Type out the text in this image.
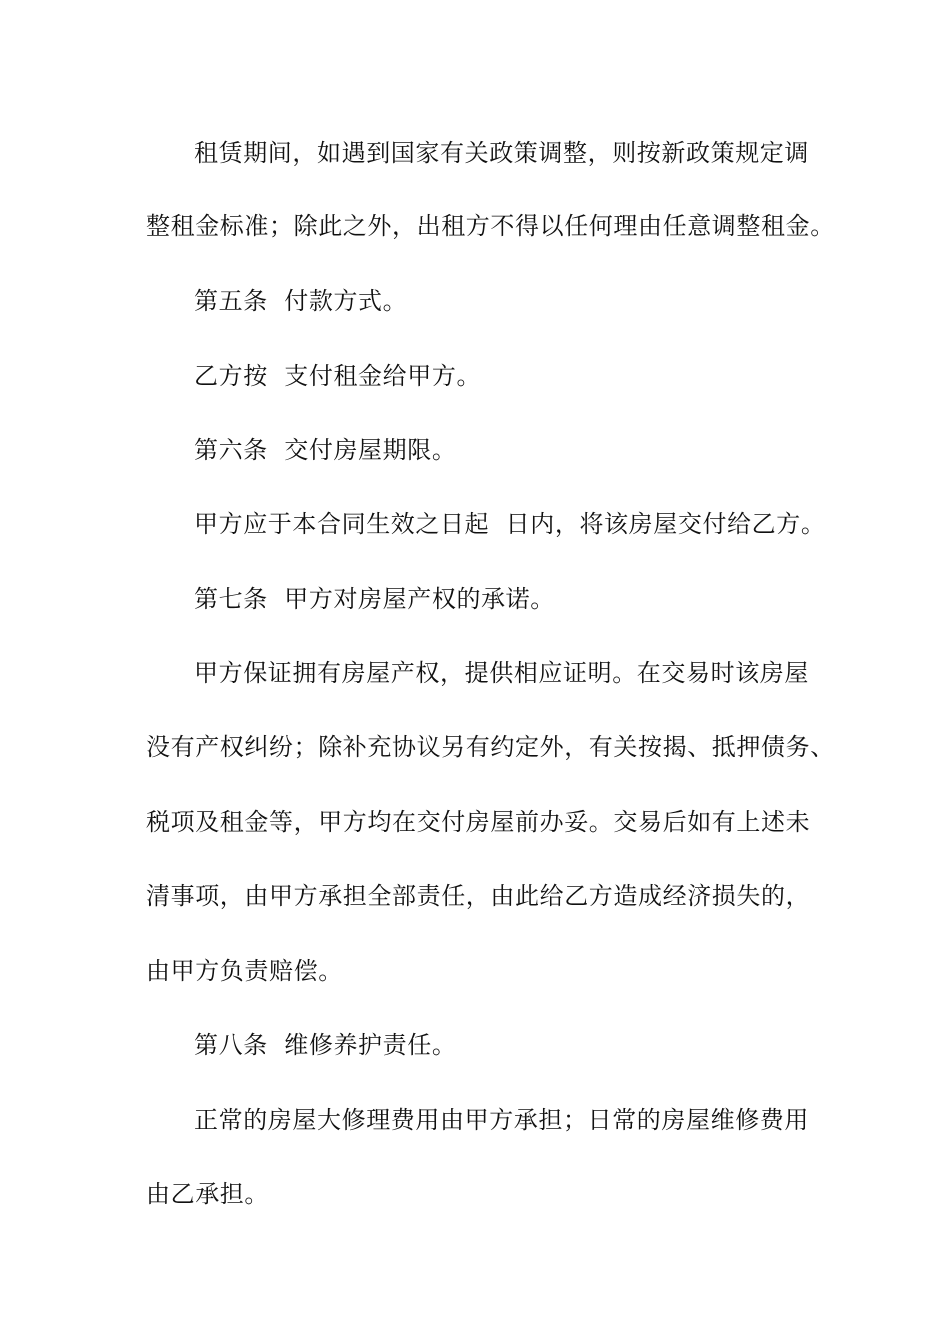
租赁期间，如遇到国家有关政策调整，则按新政策规定调

整租金标准；除此之外，出租方不得以任何理由任意调整租金。

第五条  付款方式。

乙方按  支付租金给甲方。

第六条  交付房屋期限。

甲方应于本合同生效之日起  日内，将该房屋交付给乙方。

第七条  甲方对房屋产权的承诺。

甲方保证拥有房屋产权，提供相应证明。在交易时该房屋

没有产权纠纷；除补充协议另有约定外，有关按揭、抵押债务、

税项及租金等，甲方均在交付房屋前办妥。交易后如有上述未

清事项，由甲方承担全部责任，由此给乙方造成经济损失的，

由甲方负责赔偿。

第八条  维修养护责任。

正常的房屋大修理费用由甲方承担；日常的房屋维修费用

由乙承担。
